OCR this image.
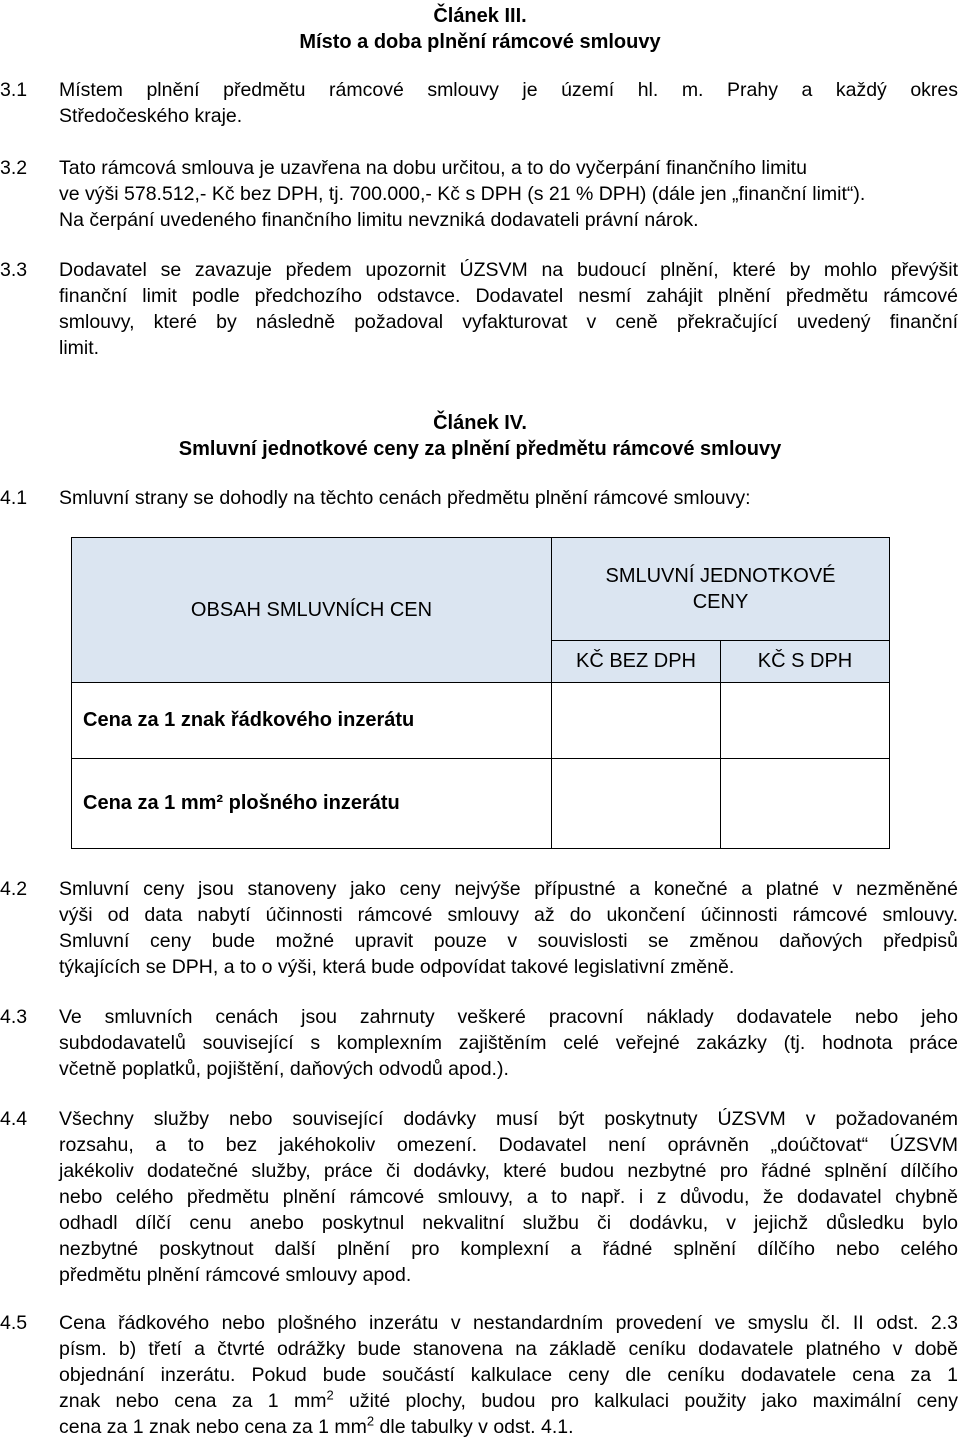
Článek III.
Místo a doba plnění rámcové smlouvy
3.1	Místem plnění předmětu rámcové smlouvy je území hl. m. Prahy a každý okres
Středočeského kraje.
3.2	Tato rámcová smlouva je uzavřena na dobu určitou, a to do vyčerpání finančního limitu
ve výši 578.512,- Kč bez DPH, tj. 700.000,- Kč s DPH (s 21 % DPH) (dále jen „finanční limit“).
Na čerpání uvedeného finančního limitu nevzniká dodavateli právní nárok.
3.3	Dodavatel se zavazuje předem upozornit ÚZSVM na budoucí plnění, které by mohlo převýšit
finanční limit podle předchozího odstavce. Dodavatel nesmí zahájit plnění předmětu rámcové
smlouvy, které by následně požadoval vyfakturovat v ceně překračující uvedený finanční
limit.
Článek IV.
Smluvní jednotkové ceny za plnění předmětu rámcové smlouvy
4.1	Smluvní strany se dohodly na těchto cenách předmětu plnění rámcové smlouvy:
OBSAH SMLUVNÍCH CEN	SMLUVNÍ JEDNOTKOVÉ
CENY	

	KČ BEZ DPH	KČ S DPH
Cena za 1 znak řádkového inzerátu		
Cena za 1 mm² plošného inzerátu		
4.2	Smluvní ceny jsou stanoveny jako ceny nejvýše přípustné a konečné a platné v nezměněné
výši od data nabytí účinnosti rámcové smlouvy až do ukončení účinnosti rámcové smlouvy.
Smluvní ceny bude možné upravit pouze v souvislosti se změnou daňových předpisů
týkajících se DPH, a to o výši, která bude odpovídat takové legislativní změně.
4.3	Ve smluvních cenách jsou zahrnuty veškeré pracovní náklady dodavatele nebo jeho
subdodavatelů související s komplexním zajištěním celé veřejné zakázky (tj. hodnota práce
včetně poplatků, pojištění, daňových odvodů apod.).
4.4	Všechny služby nebo související dodávky musí být poskytnuty ÚZSVM v požadovaném
rozsahu, a to bez jakéhokoliv omezení. Dodavatel není oprávněn „doúčtovat“ ÚZSVM
jakékoliv dodatečné služby, práce či dodávky, které budou nezbytné pro řádné splnění dílčího
nebo celého předmětu plnění rámcové smlouvy, a to např. i z důvodu, že dodavatel chybně
odhadl dílčí cenu anebo poskytnul nekvalitní službu či dodávku, v jejichž důsledku bylo
nezbytné poskytnout další plnění pro komplexní a řádné splnění dílčího nebo celého
předmětu plnění rámcové smlouvy apod.
4.5	Cena řádkového nebo plošného inzerátu v nestandardním provedení ve smyslu čl. II odst. 2.3
písm. b) třetí a čtvrté odrážky bude stanovena na základě ceníku dodavatele platného v době
objednání inzerátu. Pokud bude součástí kalkulace ceny dle ceníku dodavatele cena za 1
znak nebo cena za 1 $mm^2$ užité plochy, budou pro kalkulaci použity jako maximální ceny
cena za 1 znak nebo cena za 1 $mm^2$ dle tabulky v odst. 4.1.
